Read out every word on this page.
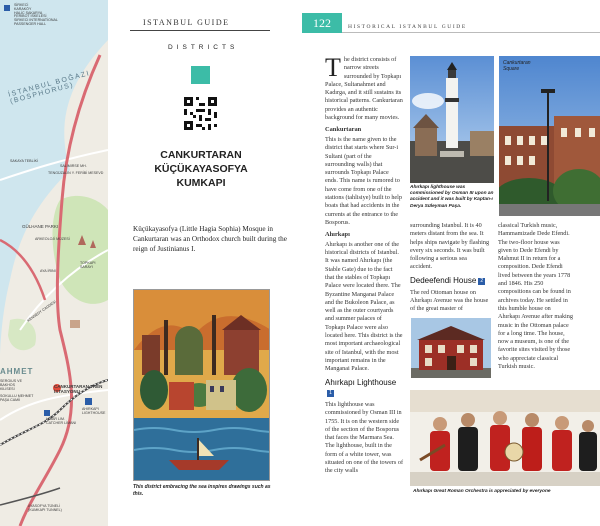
SİRKECİ
KARAKÖY
HALİC SAKARYA
FERİBOT İSKELESİ
SİRKECİ INTERNATİONAL
PASSENGER HALL
İSTANBUL BOĞAZI (BOSPHORUS)
SALIMIRSE MH.
TENGÜZALIN Y. FERİBİ MESEVD
SAKAYA TEBLİKİ
GÜLHANE PARKI
ARKEOLOJİ MÜZESİ
TOPKAPI SARAYI
AYA İRINI
KENNEDY CADDESİ
AHMET
CANKURTARAN TREN İSTASYONU
SERGIUS VE BAKHOS KİLİSESİ
SOKULLU MEHMET PAŞA CAMİİ
HİSAR LIM. CATCHER LİMANI
AHIRKAPI LIGHTHOUSE
AYASOFYA TÜNELİ (KUMKAPI TUNNEL)
ISTANBUL GUIDE
DISTRICTS
CANKURTARAN
KÜÇÜKAYASOFYA
KUMKAPI
Küçükayasofya (Little Hagia Sophia) Mosque in Cankurtaran was an Orthodox church built during the reign of Justinianus I.
This district embracing the sea inspires drawings such as this.
122	HISTORICAL ISTANBUL GUIDE

The district consists of narrow streets surrounded by Topkapı Palace, Sultanahmet and Kadırga, and it still sustains its historical patterns. Cankurtaran provides an authentic background for many movies.

Cankurtaran

This is the name given to the district that starts where Sur-i Sultani (part of the surrounding walls) that surrounds Topkapı Palace ends. This name is rumored to have come from one of the stations (tahlisiye) built to help boats that had accidents in the currents at the entrance to the Bosporus.

Ahırkapı

Ahırkapı is another one of the historical districts of Istanbul. It was named Ahırkapı (the Stable Gate) due to the fact that the stables of Topkapı Palace were located there. The Byzantine Manganai Palace and the Bukoleon Palace, as well as the outer courtyards and summer palaces of Topkapı Palace were also located here. This district is the most important archaeological site of Istanbul, with the most important remains in the Manganai Palace.

Ahırkapı Lighthouse1

This lighthouse was commissioned by Osman III in 1755. It is on the western side of the section of the Bosporus that faces the Marmara Sea. The lighthouse, built in the form of a white tower, was situated on one of the towers of the city walls

Ahırkapı lighthouse was commissioned by Osman III upon an accident and it was built by Kaptan-ı Derya Süleyman Paşa.
Cankurtaran
Square

surrounding Istanbul. It is 40 meters distant from the sea. It helps ships navigate by flashing every six seconds. It was built following a serious sea accident.

Dedeefendi House 2

The red Ottoman house on Ahırkapı Avenue was the house of the great master of

classical Turkish music, Hammamizade Dede Efendi. The two-floor house was given to Dede Efendi by Mahmut II in return for a composition. Dede Efendi lived between the years 1778 and 1846. His 250 compositions can be found in archives today. He settled in this humble house on Ahırkapı Avenue after making music in the Ottoman palace for a long time. The house, now a museum, is one of the favorite sites visited by those who appreciate classical Turkish music.

Ahırkapı Great Roman Orchestra is appreciated by everyone
